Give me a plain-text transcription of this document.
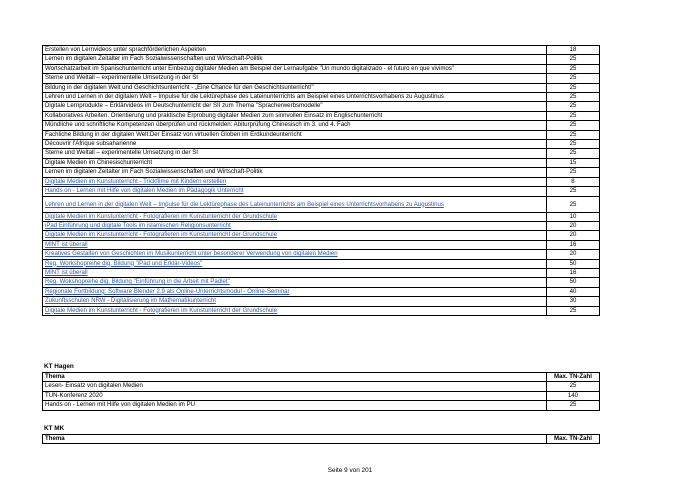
Erstellen von Lernvideos unter sprachförderlichen Aspekten	18
Lernen im digitalen Zeitalter im Fach Sozialwissenschaften und Wirtschaft-Politik	25
Wortschatzarbeit im Spanischunterricht unter Einbezug digitaler Medien am Beispiel der Lernaufgabe "Un mundo digitalizado - el futuro en que vivimos"	25
Sterne und Weltall – experimentelle Umsetzung in der SI	25
Bildung in der digitalen Welt und Geschichtsunterricht - „Eine Chance für den Geschichtsunterricht!"	25
Lehren und Lernen in der digitalen Welt – Impulse für die Lektürephase des Lateinunterrichts am Beispiel eines Unterrichtsvorhabens zu Augustinus	25
Digitale Lernprodukte – Erklärvideos im Deutschunterricht der SII zum Thema "Spracherwerbsmodelle"	25
Kollaboratives Arbeiten. Orientierung und praktische Erprobung digitaler Medien zum sinnvollen Einsatz im Englischunterricht	25
Mündliche und schriftliche Kompetenzen überprüfen und rückmelden: Abiturprüfung Chinesisch im 3. und 4. Fach	25
Fachliche Bildung in der digitalen Welt:Der Einsatz von virtuellen Globen im Erdkundeunterricht	25
Découvrir l'Afrique subsaharienne	25
Sterne und Weltall – experimentelle Umsetzung in der SI	25
Digitale Medien im Chinesischunterricht	15
Lernen im digitalen Zeitalter im Fach Sozialwissenschaften und Wirtschaft-Politik	25
Digitale Medien im Kunstunterricht - Trickfilme mit Kindern erstellen	8
Hands on - Lernen mit Hilfe von digitalen Medien im Pädagogik Unterricht	25
Lehren und Lernen in der digitalen Welt – Impulse für die Lektürephase des Lateinunterrichts am Beispiel eines Unterrichtsvorhabens zu Augustinus	25
Digitale Medien im Kunstunterricht - Fotografieren im Kunstunterricht der Grundschule	10
iPad Einführung und digitale Tools im islamischen Religionsunterricht	20
Digitale Medien im Kunstunterricht - Fotografieren im Kunstunterricht der Grundschule	20
MINT ist überall	16
Kreatives Gestalten von Geschichten im Musikunterricht unter besonderer Verwendung von digitalen Medien	20
Reg. Workshopreihe dig. Bildung "iPad und Erklär-Videos"	50
MINT ist überall	16
Reg. Wokshopreihe dig. Bildung "Einführung in die Arbeit mit Padlet"	50
Regionale Fortbildung: Software Blender 2.9 als Online-Unterrichtsmodul - Online-Seminar	40
Zukunftsschulen NRW - Digitalisierung im Mathematikunterricht	30
Digitale Medien im Kunstunterricht - Fotografieren im Kunstunterricht der Grundschule	25
KT Hagen
Thema	Max. TN-Zahl
Lesen- Einsatz von digitalen Medien	25
TUN-Konferenz 2020	140
Hands on - Lernen mit Hilfe von digitalen Medien im PU	25
KT MK
Thema	Max. TN-Zahl
Seite 9 von 201
